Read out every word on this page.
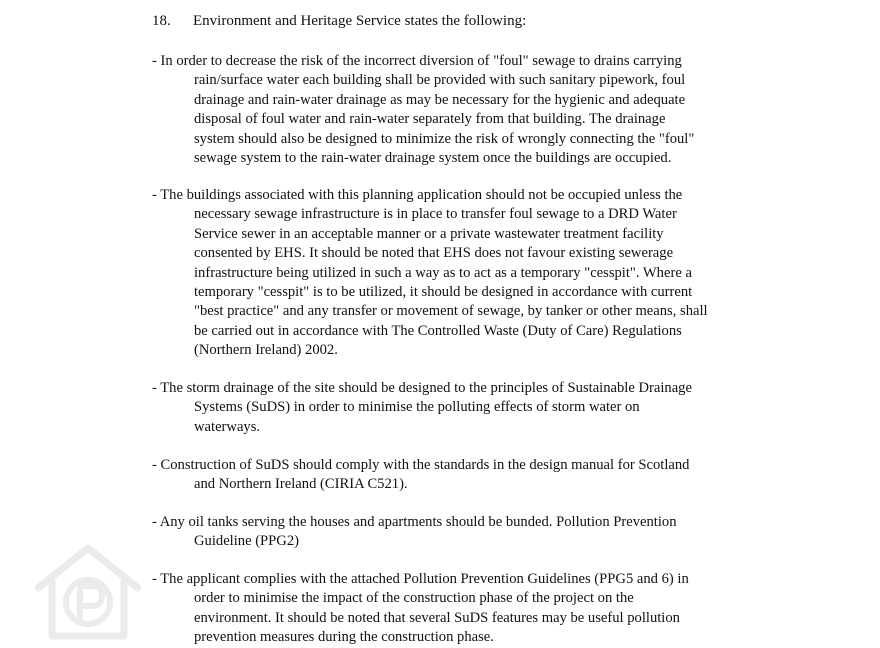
18. Environment and Heritage Service states the following:
- In order to decrease the risk of the incorrect diversion of "foul" sewage to drains carrying
rain/surface water each building shall be provided with such sanitary pipework, foul
drainage and rain-water drainage as may be necessary for the hygienic and adequate
disposal of foul water and rain-water separately from that building. The drainage
system should also be designed to minimize the risk of wrongly connecting the "foul"
sewage system to the rain-water drainage system once the buildings are occupied.
- The buildings associated with this planning application should not be occupied unless the
necessary sewage infrastructure is in place to transfer foul sewage to a DRD Water
Service sewer in an acceptable manner or a private wastewater treatment facility
consented by EHS. It should be noted that EHS does not favour existing sewerage
infrastructure being utilized in such a way as to act as a temporary "cesspit". Where a
temporary "cesspit" is to be utilized, it should be designed in accordance with current
"best practice" and any transfer or movement of sewage, by tanker or other means, shall
be carried out in accordance with The Controlled Waste (Duty of Care) Regulations
(Northern Ireland) 2002.
- The storm drainage of the site should be designed to the principles of Sustainable Drainage
Systems (SuDS) in order to minimise the polluting effects of storm water on
waterways.
- Construction of SuDS should comply with the standards in the design manual for Scotland
and Northern Ireland (CIRIA C521).
- Any oil tanks serving the houses and apartments should be bunded. Pollution Prevention
Guideline (PPG2)
- The applicant complies with the attached Pollution Prevention Guidelines (PPG5 and 6) in
order to minimise the impact of the construction phase of the project on the
environment. It should be noted that several SuDS features may be useful pollution
prevention measures during the construction phase.
